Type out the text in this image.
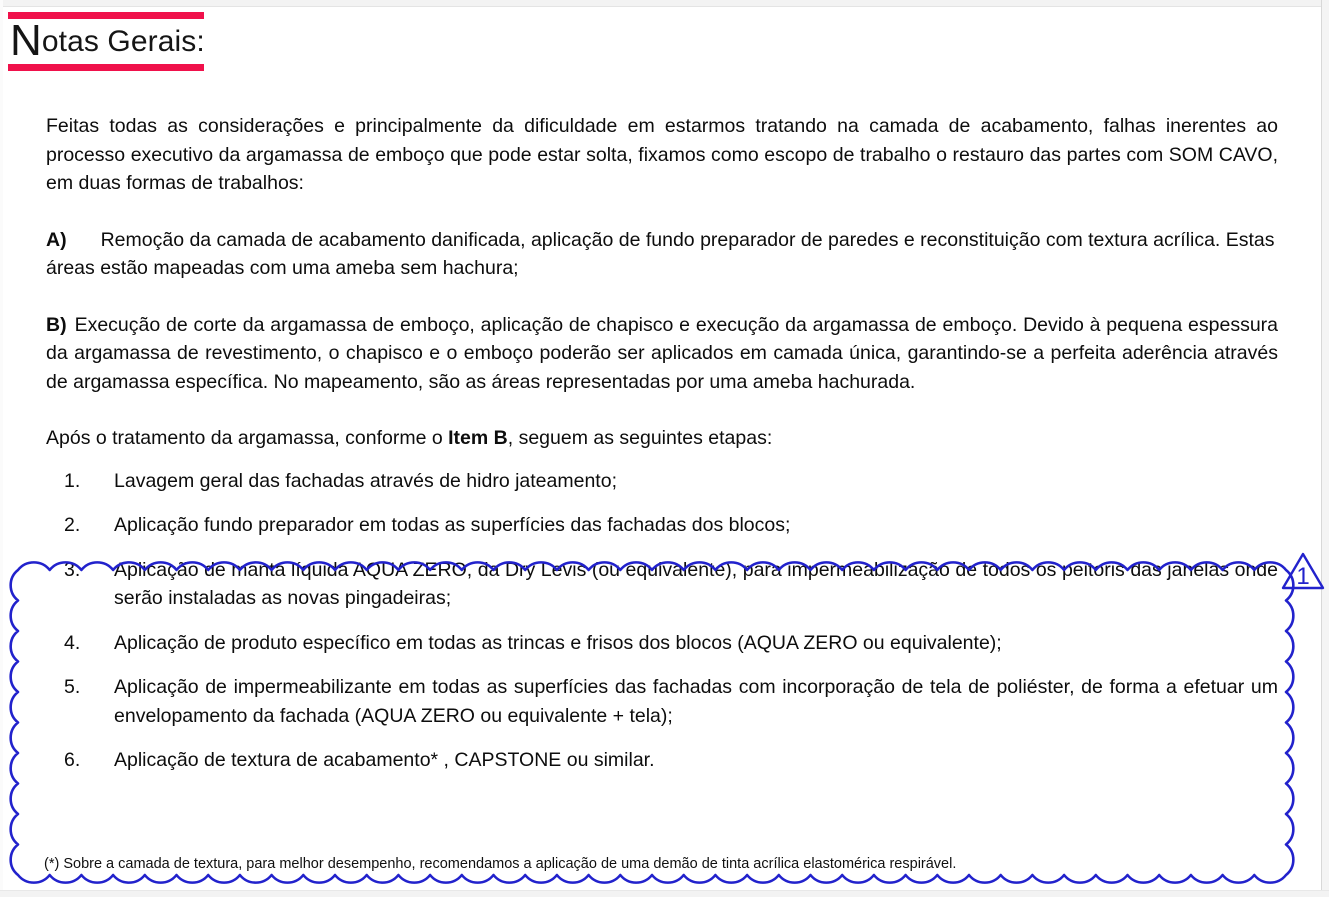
Notas Gerais:

Feitas todas as considerações e principalmente da dificuldade em estarmos tratando na camada de acabamento, falhas inerentes ao processo executivo da argamassa de emboço que pode estar solta, fixamos como escopo de trabalho o restauro das partes com SOM CAVO, em duas formas de trabalhos:

A) Remoção da camada de acabamento danificada, aplicação de fundo preparador de paredes e reconstituição com textura acrílica. Estas áreas estão mapeadas com uma ameba sem hachura;

B) Execução de corte da argamassa de emboço, aplicação de chapisco e execução da argamassa de emboço. Devido à pequena espessura da argamassa de revestimento, o chapisco e o emboço poderão ser aplicados em camada única, garantindo-se a perfeita aderência através de argamassa específica. No mapeamento, são as áreas representadas por uma ameba hachurada.

Após o tratamento da argamassa, conforme o Item B, seguem as seguintes etapas:

Lavagem geral das fachadas através de hidro jateamento;
Aplicação fundo preparador em todas as superfícies das fachadas dos blocos;
Aplicação de manta líquida AQUA ZERO, da Dry Levis (ou equivalente), para impermeabilização de todos os peitoris das janelas onde serão instaladas as novas pingadeiras;
Aplicação de produto específico em todas as trincas e frisos dos blocos (AQUA ZERO ou equivalente);
Aplicação de impermeabilizante em todas as superfícies das fachadas com incorporação de tela de poliéster, de forma a efetuar um envelopamento da fachada (AQUA ZERO ou equivalente + tela);
Aplicação de textura de acabamento* , CAPSTONE ou similar.
(*) Sobre a camada de textura, para melhor desempenho, recomendamos a aplicação de uma demão de tinta acrílica elastomérica respirável.
1
